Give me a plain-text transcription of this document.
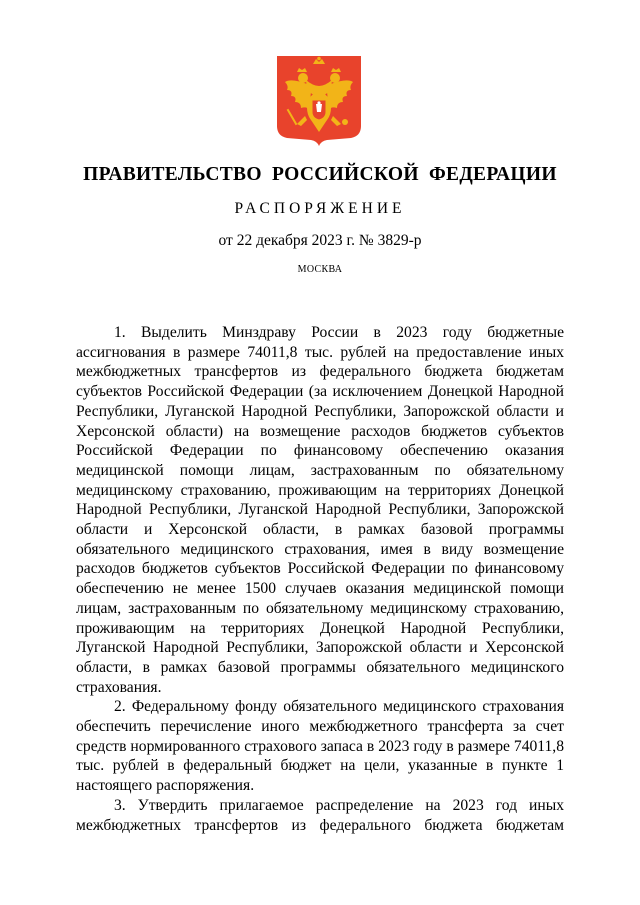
ПРАВИТЕЛЬСТВО РОССИЙСКОЙ ФЕДЕРАЦИИ
РАСПОРЯЖЕНИЕ
от 22 декабря 2023 г. № 3829-р
МОСКВА

1. Выделить Минздраву России в 2023 году бюджетные ассигнования в размере 74011,8 тыс. рублей на предоставление иных межбюджетных трансфертов из федерального бюджета бюджетам субъектов Российской Федерации (за исключением Донецкой Народной Республики, Луганской Народной Республики, Запорожской области и Херсонской области) на возмещение расходов бюджетов субъектов Российской Федерации по финансовому обеспечению оказания медицинской помощи лицам, застрахованным по обязательному медицинскому страхованию, проживающим на территориях Донецкой Народной Республики, Луганской Народной Республики, Запорожской области и Херсонской области, в рамках базовой программы обязательного медицинского страхования, имея в виду возмещение расходов бюджетов субъектов Российской Федерации по финансовому обеспечению не менее 1500 случаев оказания медицинской помощи лицам, застрахованным по обязательному медицинскому страхованию, проживающим на территориях Донецкой Народной Республики, Луганской Народной Республики, Запорожской области и Херсонской области, в рамках базовой программы обязательного медицинского страхования.

2. Федеральному фонду обязательного медицинского страхования обеспечить перечисление иного межбюджетного трансферта за счет средств нормированного страхового запаса в 2023 году в размере 74011,8 тыс. рублей в федеральный бюджет на цели, указанные в пункте 1 настоящего распоряжения.

3. Утвердить прилагаемое распределение на 2023 год иных межбюджетных трансфертов из федерального бюджета бюджетам
